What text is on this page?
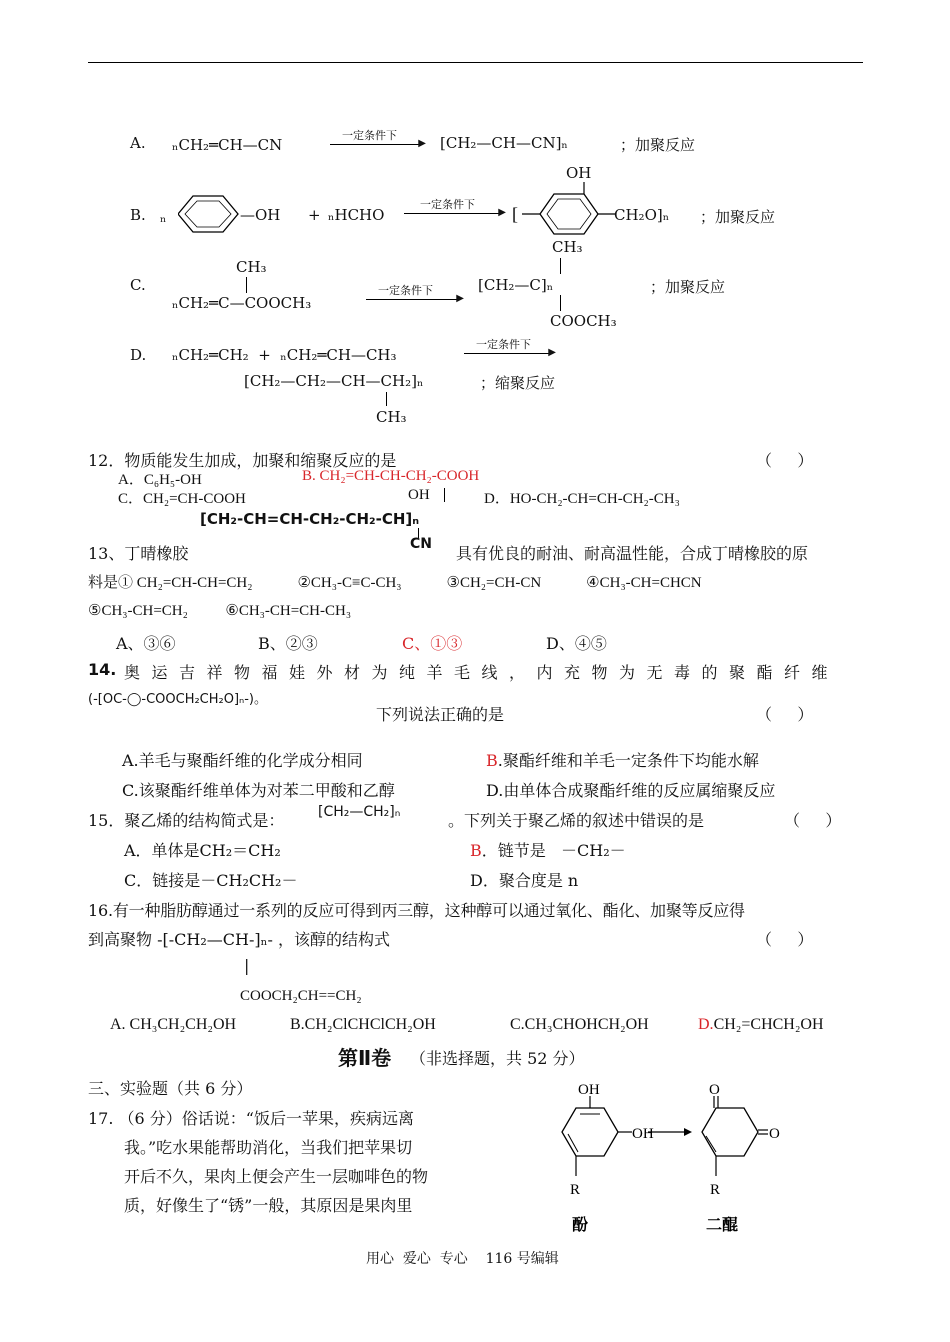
A. ₙCH₂═CH—CN
一定条件下
▶ [CH₂—CH—CN]ₙ	；加聚反应
B. ₙ	—OH + ₙHCHO
一定条件下
▶
OH
[	CH₂O]ₙ ；加聚反应
C.
CH₃
ₙCH₂═C—COOCH₃
一定条件下
▶
CH₃
[CH₂—C]ₙ
COOCH₃
；加聚反应
D. ₙCH₂═CH₂  +  ₙCH₂═CH—CH₃
一定条件下
▶
[CH₂—CH₂—CH—CH₂]ₙ	；缩聚反应
CH₃
12．物质能发生加成，加聚和缩聚反应的是	（     ）
A．C₆H₅-OH	B. CH₂=CH-CH-CH₂-COOH
C．CH₂=CH-COOH	OH	D．HO-CH₂-CH=CH-CH₂-CH₃
[CH₂-CH=CH-CH₂-CH₂-CH]ₙ
CN
13、丁晴橡胶	具有优良的耐油、耐高温性能，合成丁晴橡胶的原
料是① CH₂=CH-CH=CH₂            ②CH₃-C≡C-CH₃            ③CH₂=CH-CN            ④CH₃-CH=CHCN
⑤CH₃-CH=CH₂          ⑥CH₃-CH=CH-CH₃
A、③⑥	B、②③	C、①③	D、④⑤
14. 奥运吉祥物福娃外材为纯羊毛线，内充物为无毒的聚酯纤维
(-[OC-◯-COOCH₂CH₂O]ₙ-)。
下列说法正确的是	（     ）
A.羊毛与聚酯纤维的化学成分相同	B.聚酯纤维和羊毛一定条件下均能水解
C.该聚酯纤维单体为对苯二甲酸和乙醇	D.由单体合成聚酯纤维的反应属缩聚反应
15．聚乙烯的结构简式是： [CH₂—CH₂]ₙ	。下列关于聚乙烯的叙述中错误的是	（     ）
A．单体是CH₂＝CH₂	B．链节是   －CH₂－
C．链接是－CH₂CH₂－	D．聚合度是 n
16.有一种脂肪醇通过一系列的反应可得到丙三醇，这种醇可以通过氧化、酯化、加聚等反应得
到高聚物 -[-CH₂—CH-]ₙ- ，该醇的结构式	（     ）
|
COOCH₂CH==CH₂
A. CH₃CH₂CH₂OH	B.CH₂ClCHClCH₂OH	C.CH₃CHOHCH₂OH	D.CH₂=CHCH₂OH
第Ⅱ卷 （非选择题，共 52 分）
三、实验题（共 6 分）
17. （6 分）俗话说：“饭后一苹果，疾病远离
我。”吃水果能帮助消化，当我们把苹果切
开后不久，果肉上便会产生一层咖啡色的物
质，好像生了“锈”一般，其原因是果肉里
OH
OH
R
O
O
R
酚	二醌
用心  爱心  专心    116 号编辑
